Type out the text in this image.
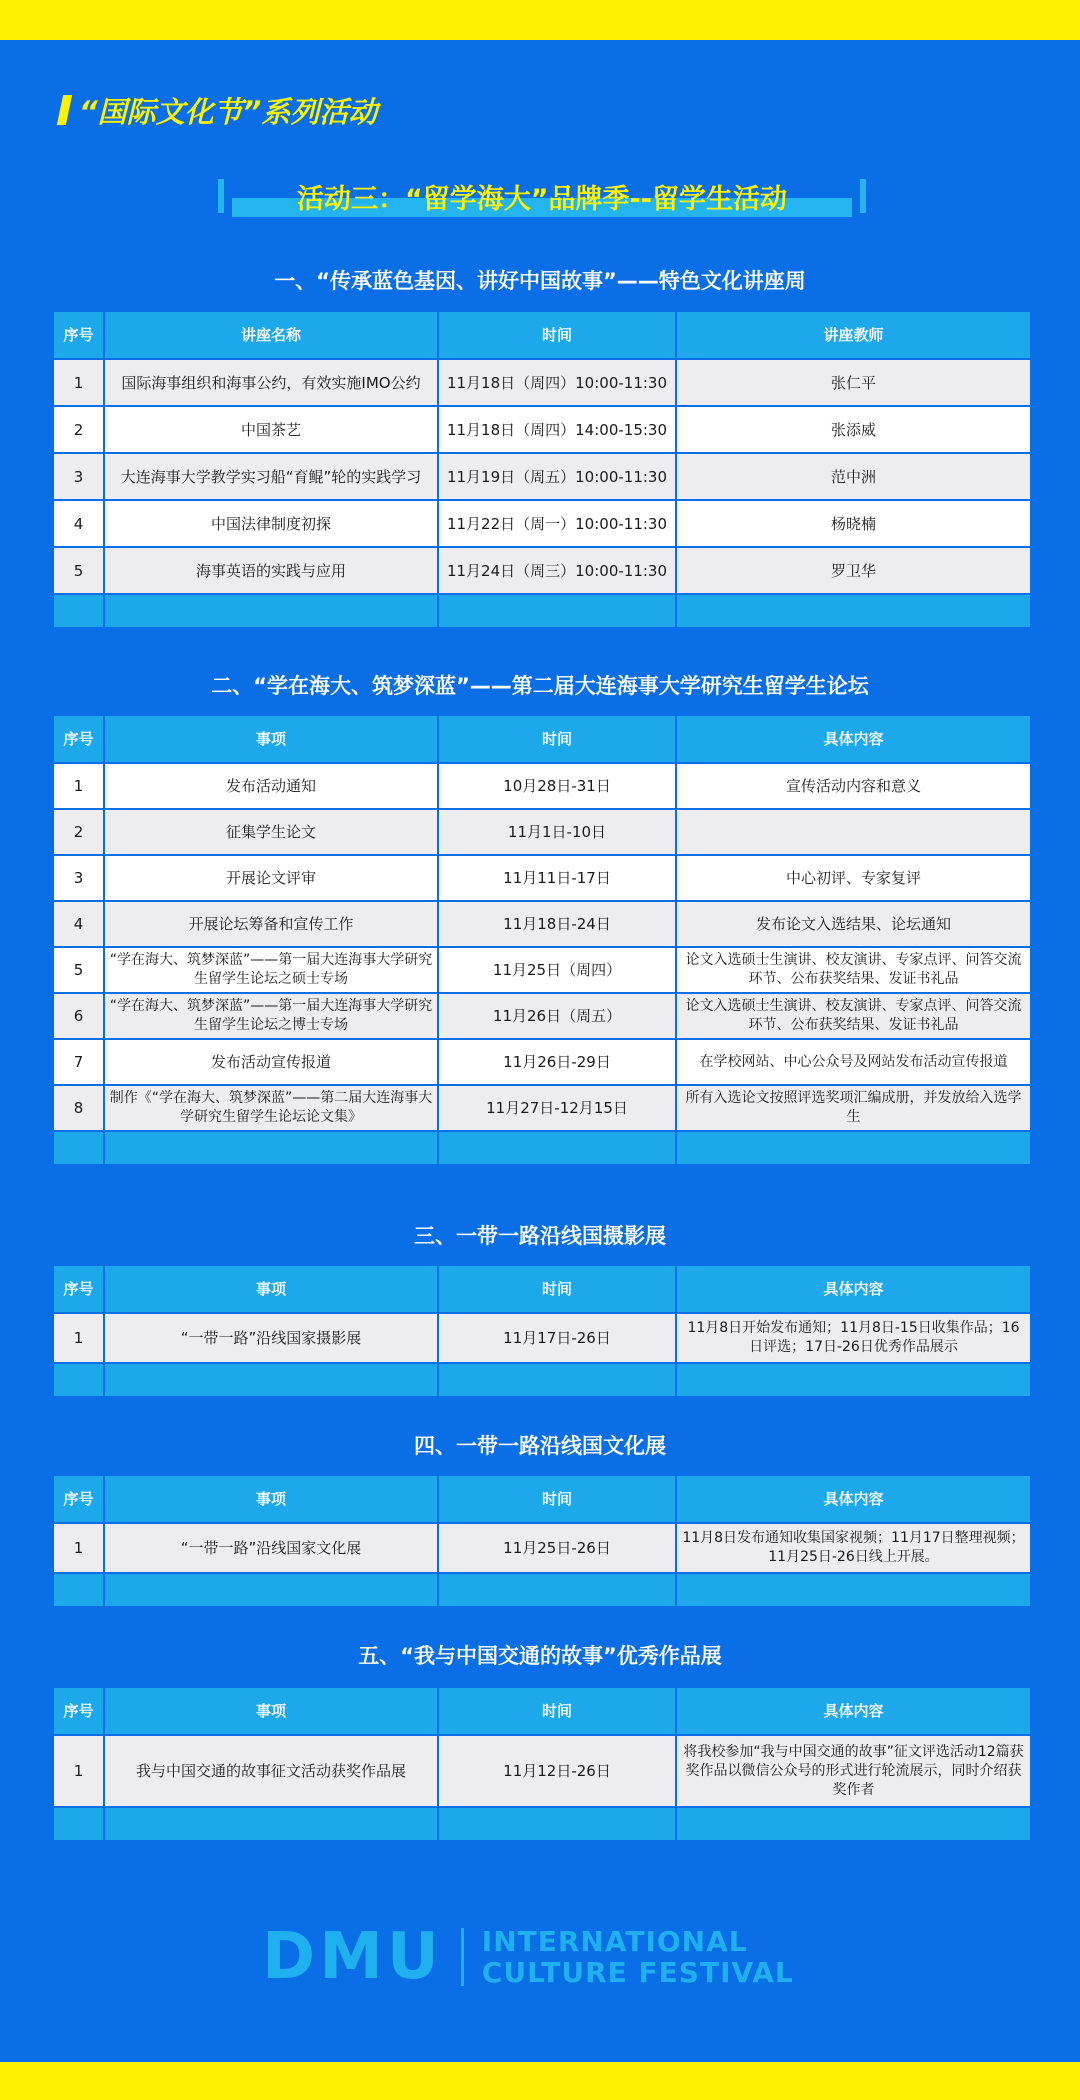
“国际文化节”系列活动
活动三：“留学海大”品牌季--留学生活动
一、“传承蓝色基因、讲好中国故事”——特色文化讲座周
序号	讲座名称	时间	讲座教师
1	国际海事组织和海事公约，有效实施IMO公约	11月18日（周四）10:00-11:30	张仁平
2	中国茶艺	11月18日（周四）14:00-15:30	张添威
3	大连海事大学教学实习船“育鲲”轮的实践学习	11月19日（周五）10:00-11:30	范中洲
4	中国法律制度初探	11月22日（周一）10:00-11:30	杨晓楠
5	海事英语的实践与应用	11月24日（周三）10:00-11:30	罗卫华

二、“学在海大、筑梦深蓝”——第二届大连海事大学研究生留学生论坛
序号	事项	时间	具体内容
1	发布活动通知	10月28日-31日	宣传活动内容和意义
2	征集学生论文	11月1日-10日	
3	开展论文评审	11月11日-17日	中心初评、专家复评
4	开展论坛筹备和宣传工作	11月18日-24日	发布论文入选结果、论坛通知
5	“学在海大、筑梦深蓝”——第一届大连海事大学研究生留学生论坛之硕士专场	11月25日（周四）	论文入选硕士生演讲、校友演讲、专家点评、问答交流环节、公布获奖结果、发证书礼品
6	“学在海大、筑梦深蓝”——第一届大连海事大学研究生留学生论坛之博士专场	11月26日（周五）	论文入选硕士生演讲、校友演讲、专家点评、问答交流环节、公布获奖结果、发证书礼品
7	发布活动宣传报道	11月26日-29日	在学校网站、中心公众号及网站发布活动宣传报道
8	制作《“学在海大、筑梦深蓝”——第二届大连海事大学研究生留学生论坛论文集》	11月27日-12月15日	所有入选论文按照评选奖项汇编成册，并发放给入选学生

三、一带一路沿线国摄影展
序号	事项	时间	具体内容
1	“一带一路”沿线国家摄影展	11月17日-26日	11月8日开始发布通知；11月8日-15日收集作品；16日评选；17日-26日优秀作品展示

四、一带一路沿线国文化展
序号	事项	时间	具体内容
1	“一带一路”沿线国家文化展	11月25日-26日	11月8日发布通知收集国家视频；11月17日整理视频；11月25日-26日线上开展。

五、“我与中国交通的故事”优秀作品展
序号	事项	时间	具体内容
1	我与中国交通的故事征文活动获奖作品展	11月12日-26日	将我校参加“我与中国交通的故事”征文评选活动12篇获奖作品以微信公众号的形式进行轮流展示，同时介绍获奖作者

DMU INTERNATIONAL
CULTURE FESTIVAL
